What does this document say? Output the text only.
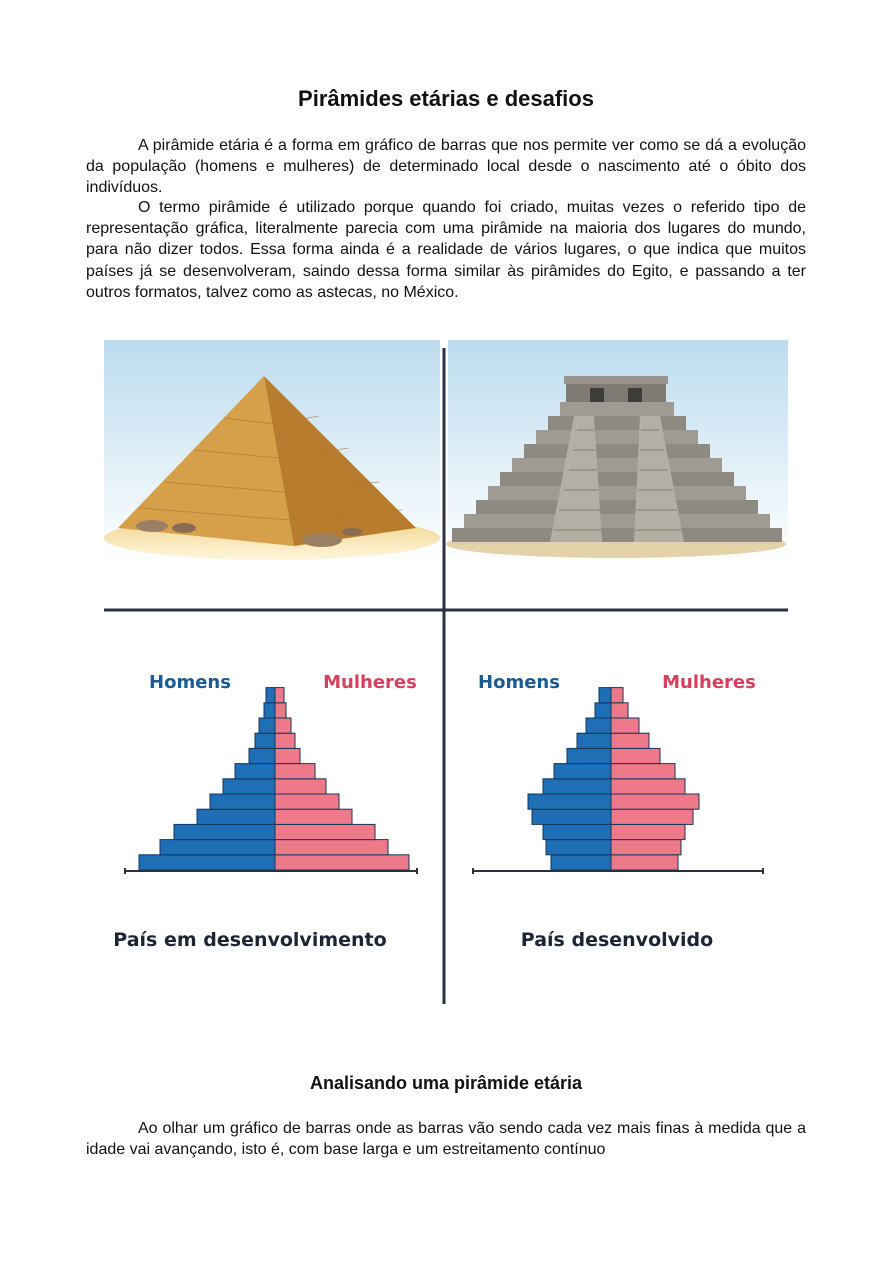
Pirâmides etárias e desafios

A pirâmide etária é a forma em gráfico de barras que nos permite ver como se dá a evolução da população (homens e mulheres) de determinado local desde o nascimento até o óbito dos indivíduos.

O termo pirâmide é utilizado porque quando foi criado, muitas vezes o referido tipo de representação gráfica, literalmente parecia com uma pirâmide na maioria dos lugares do mundo, para não dizer todos. Essa forma ainda é a realidade de vários lugares, o que indica que muitos países já se desenvolveram, saindo dessa forma similar às pirâmides do Egito, e passando a ter outros formatos, talvez como as astecas, no México.

Homens	Mulheres
País em desenvolvimento
Homens	Mulheres
País desenvolvido
Analisando uma pirâmide etária

Ao olhar um gráfico de barras onde as barras vão sendo cada vez mais finas à medida que a idade vai avançando, isto é, com base larga e um estreitamento contínuo
